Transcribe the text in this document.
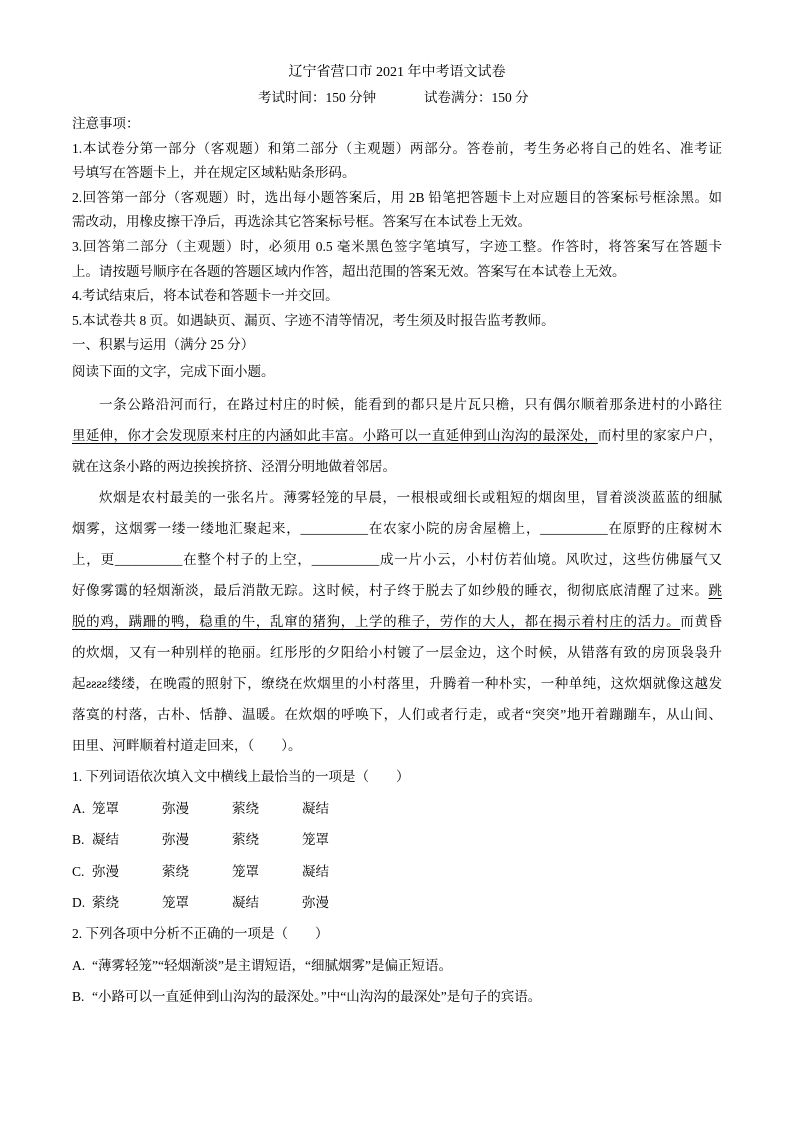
辽宁省营口市 2021 年中考语文试卷
考试时间：150 分钟	试卷满分：150 分
注意事项：
1.本试卷分第一部分（客观题）和第二部分（主观题）两部分。答卷前，考生务必将自己的姓名、准考证
号填写在答题卡上，并在规定区域粘贴条形码。
2.回答第一部分（客观题）时，选出每小题答案后，用 2B 铅笔把答题卡上对应题目的答案标号框涂黑。如
需改动，用橡皮擦干净后，再选涂其它答案标号框。答案写在本试卷上无效。
3.回答第二部分（主观题）时，必须用 0.5 毫米黑色签字笔填写，字迹工整。作答时，将答案写在答题卡
上。请按题号顺序在各题的答题区域内作答，超出范围的答案无效。答案写在本试卷上无效。
4.考试结束后，将本试卷和答题卡一并交回。
5.本试卷共 8 页。如遇缺页、漏页、字迹不清等情况，考生须及时报告监考教师。
一、积累与运用（满分 25 分）
阅读下面的文字，完成下面小题。
一条公路沿河而行，在路过村庄的时候，能看到的都只是片瓦只檐，只有偶尔顺着那条进村的小路往
里延伸，你才会发现原来村庄的内涵如此丰富。小路可以一直延伸到山沟沟的最深处，而村里的家家户户，
就在这条小路的两边挨挨挤挤、泾渭分明地做着邻居。
炊烟是农村最美的一张名片。薄雾轻笼的早晨，一根根或细长或粗短的烟囱里，冒着淡淡蓝蓝的细腻
烟雾，这烟雾一缕一缕地汇聚起来，__________在农家小院的房舍屋檐上，__________在原野的庄稼树木
上，更__________在整个村子的上空，__________成一片小云，小村仿若仙境。风吹过，这些仿佛蜃气又
好像雾霭的轻烟渐淡，最后消散无踪。这时候，村子终于脱去了如纱般的睡衣，彻彻底底清醒了过来。跳
脱的鸡，蹒跚的鸭，稳重的牛，乱窜的猪狗，上学的稚子，劳作的大人，都在揭示着村庄的活力。而黄昏
的炊烟，又有一种别样的艳丽。红彤彤的夕阳给小村镀了一层金边，这个时候，从错落有致的房顶袅袅升
起ƨƨƨƨ缕缕，在晚霞的照射下，缭绕在炊烟里的小村落里，升腾着一种朴实，一种单纯，这炊烟就像这越发
落寞的村落，古朴、恬静、温暖。在炊烟的呼唤下，人们或者行走，或者“突突”地开着蹦蹦车，从山间、
田里、河畔顺着村道走回来，（　　）。
1. 下列词语依次填入文中横线上最恰当的一项是（　　）
A. 笼罩	弥漫	萦绕	凝结
B. 凝结	弥漫	萦绕	笼罩
C. 弥漫	萦绕	笼罩	凝结
D. 萦绕	笼罩	凝结	弥漫
2. 下列各项中分析不正确的一项是（　　）
A. “薄雾轻笼”“轻烟渐淡”是主谓短语，“细腻烟雾”是偏正短语。
B. “小路可以一直延伸到山沟沟的最深处。”中“山沟沟的最深处”是句子的宾语。
